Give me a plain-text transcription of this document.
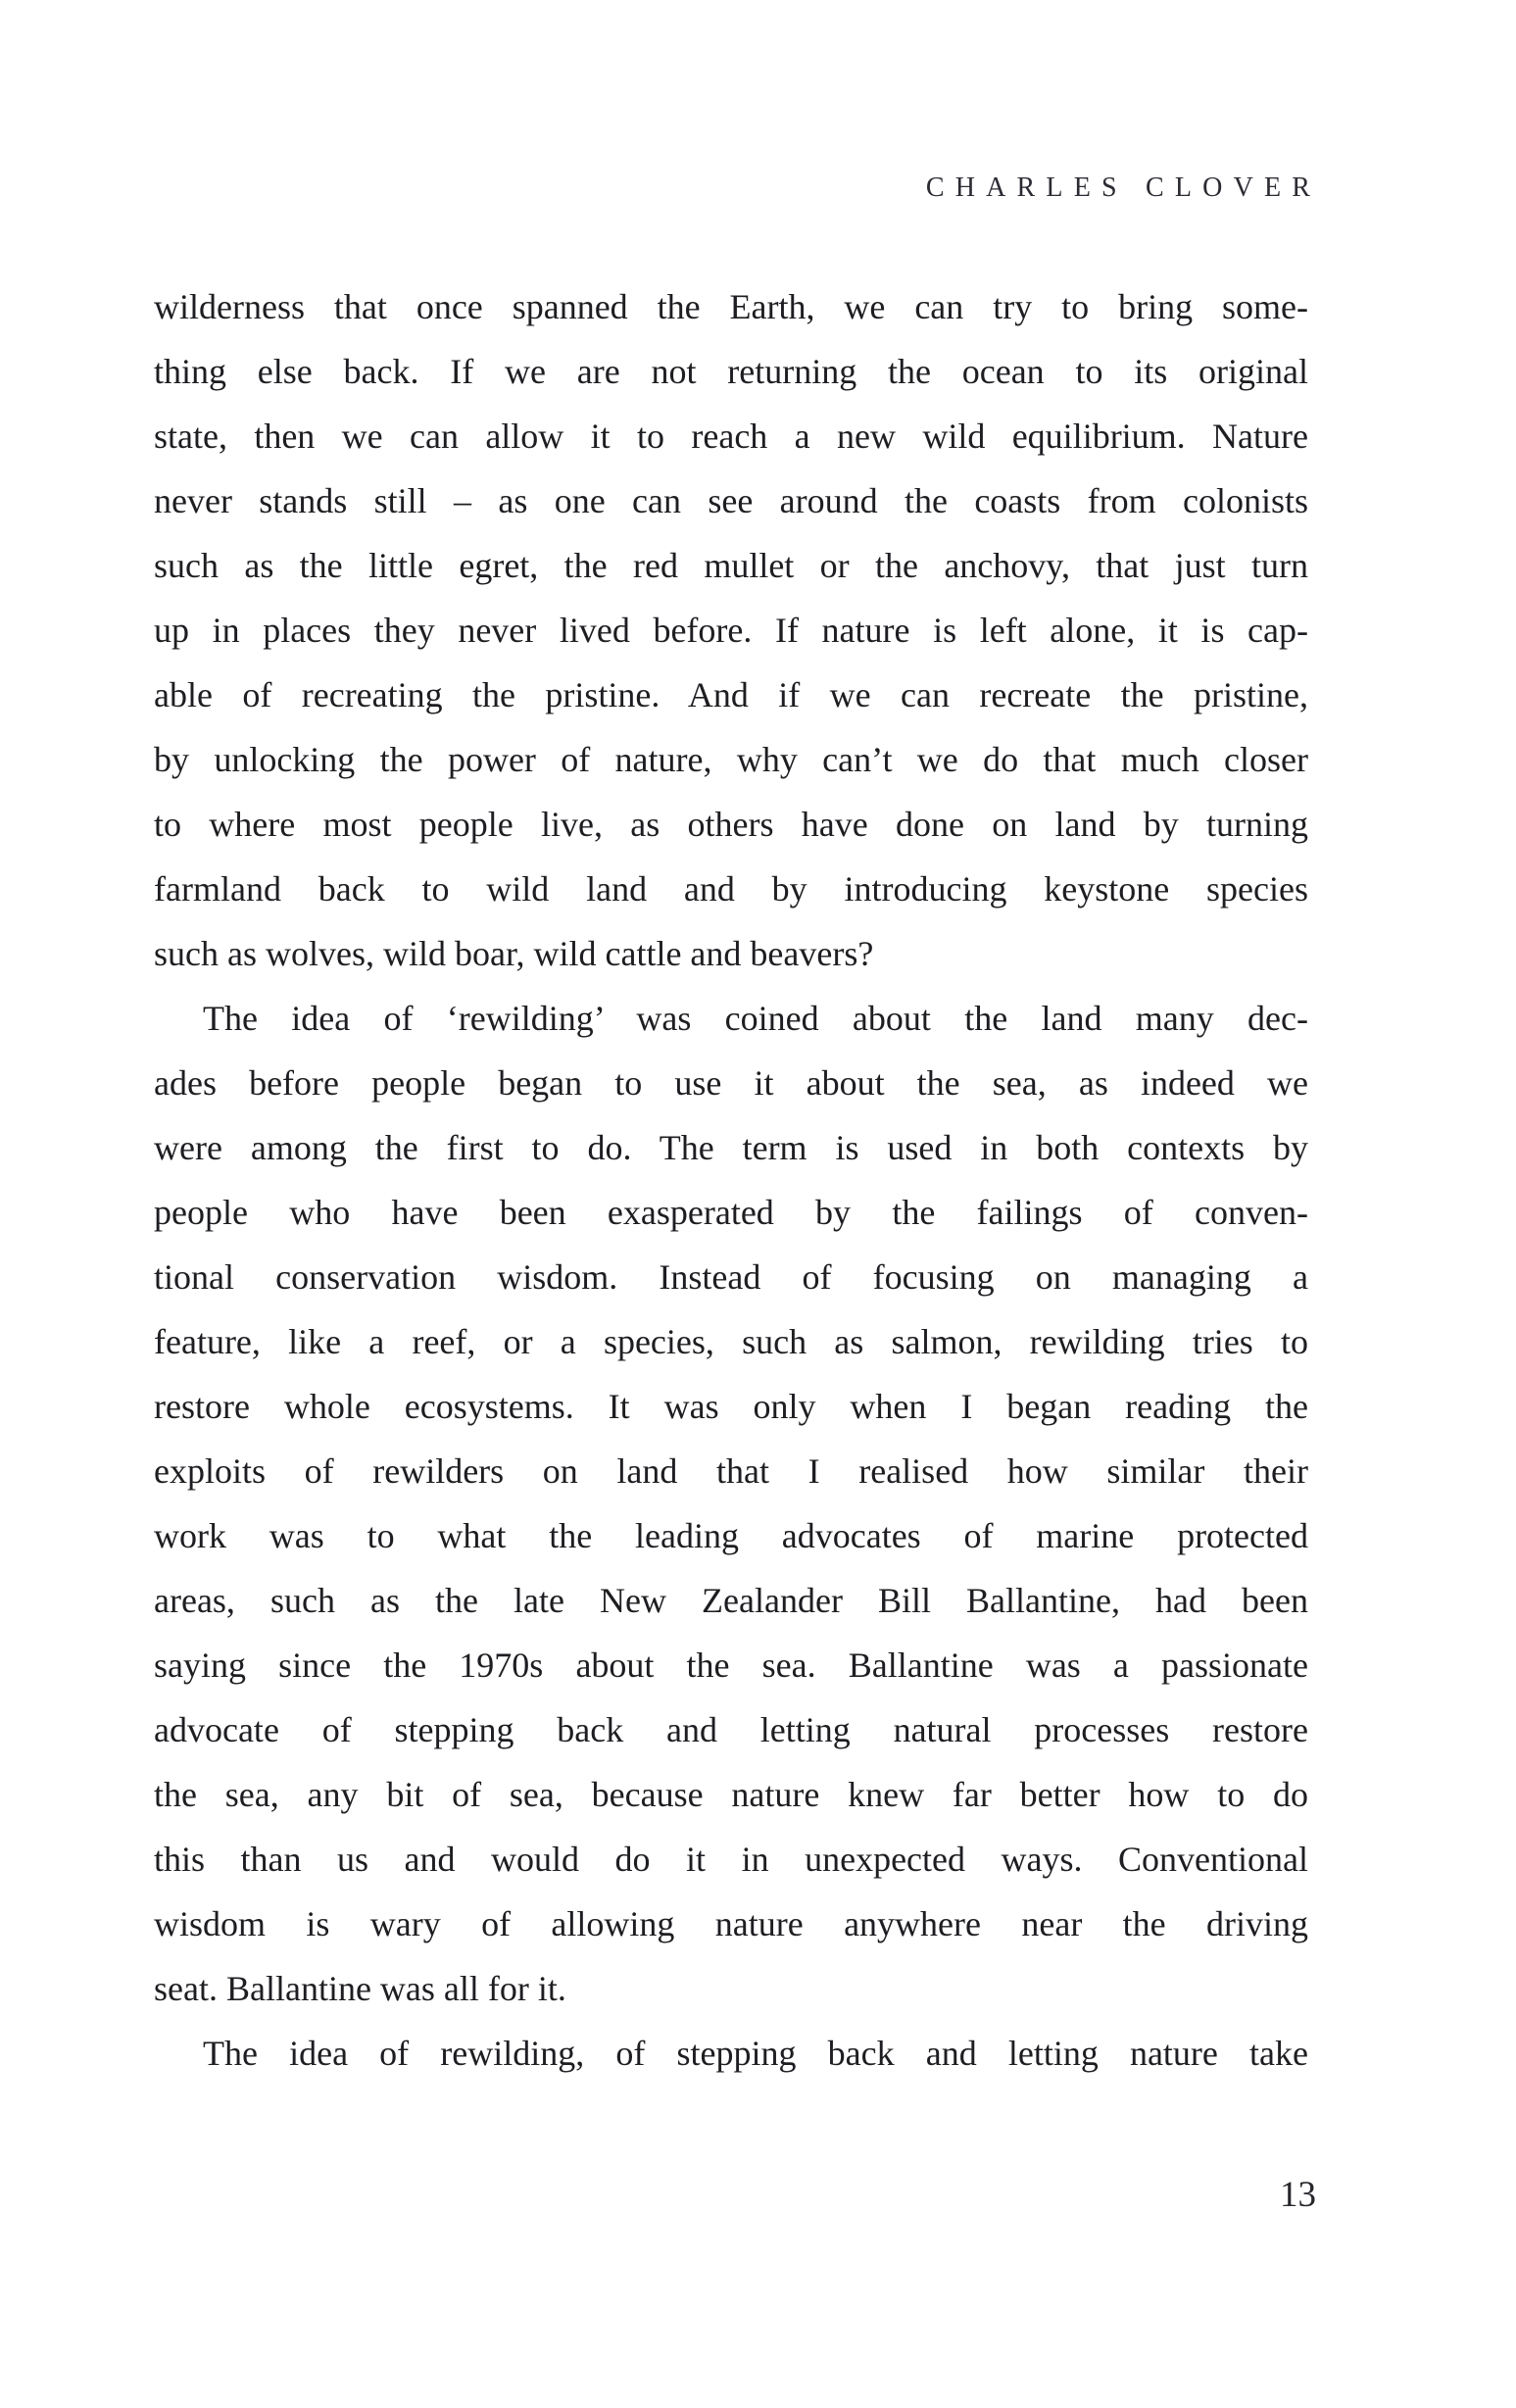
CHARLES CLOVER
wilderness that once spanned the Earth, we can try to bring some-
thing else back. If we are not returning the ocean to its original
state, then we can allow it to reach a new wild equilibrium. Nature
never stands still – as one can see around the coasts from colonists
such as the little egret, the red mullet or the anchovy, that just turn
up in places they never lived before. If nature is left alone, it is cap-
able of recreating the pristine. And if we can recreate the pristine,
by unlocking the power of nature, why can’t we do that much closer
to where most people live, as others have done on land by turning
farmland back to wild land and by introducing keystone species
such as wolves, wild boar, wild cattle and beavers?
The idea of ‘rewilding’ was coined about the land many dec-
ades before people began to use it about the sea, as indeed we
were among the first to do. The term is used in both contexts by
people who have been exasperated by the failings of conven-
tional conservation wisdom. Instead of focusing on managing a
feature, like a reef, or a species, such as salmon, rewilding tries to
restore whole ecosystems. It was only when I began reading the
exploits of rewilders on land that I realised how similar their
work was to what the leading advocates of marine protected
areas, such as the late New Zealander Bill Ballantine, had been
saying since the 1970s about the sea. Ballantine was a passionate
advocate of stepping back and letting natural processes restore
the sea, any bit of sea, because nature knew far better how to do
this than us and would do it in unexpected ways. Conventional
wisdom is wary of allowing nature anywhere near the driving
seat. Ballantine was all for it.
The idea of rewilding, of stepping back and letting nature take
13
